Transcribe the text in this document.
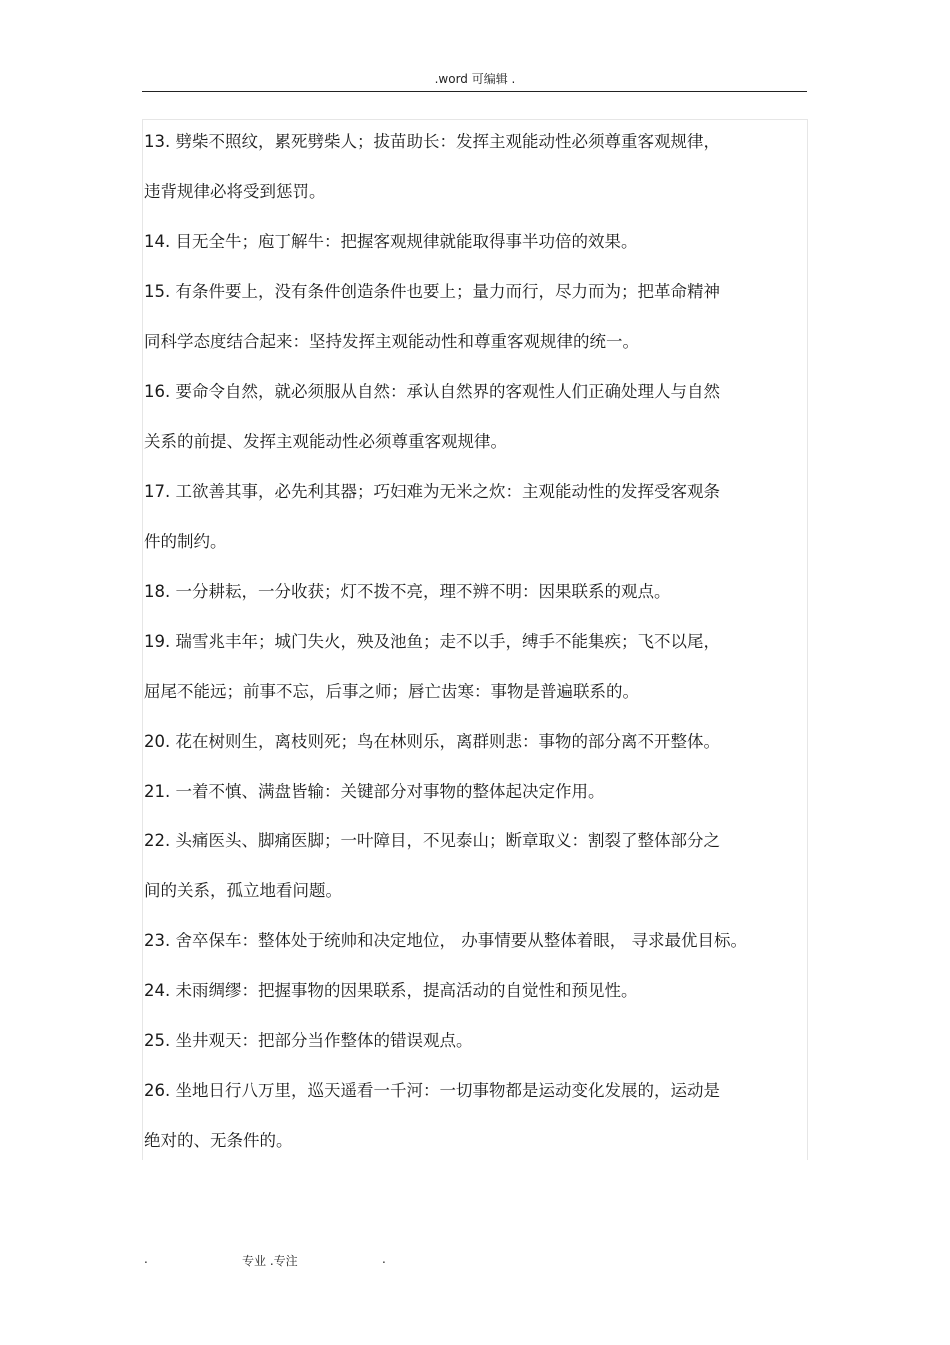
.word 可编辑 .
13. 劈柴不照纹，累死劈柴人；拔苗助长：发挥主观能动性必须尊重客观规律，
违背规律必将受到惩罚。
14. 目无全牛；庖丁解牛：把握客观规律就能取得事半功倍的效果。
15. 有条件要上，没有条件创造条件也要上；量力而行，尽力而为；把革命精神
同科学态度结合起来：坚持发挥主观能动性和尊重客观规律的统一。
16. 要命令自然，就必须服从自然：承认自然界的客观性人们正确处理人与自然
关系的前提、发挥主观能动性必须尊重客观规律。
17. 工欲善其事，必先利其器；巧妇难为无米之炊：主观能动性的发挥受客观条
件的制约。
18. 一分耕耘，一分收获；灯不拨不亮，理不辨不明：因果联系的观点。
19. 瑞雪兆丰年；城门失火，殃及池鱼；走不以手，缚手不能集疾；飞不以尾，
屈尾不能远；前事不忘，后事之师；唇亡齿寒：事物是普遍联系的。
20. 花在树则生，离枝则死；鸟在林则乐，离群则悲：事物的部分离不开整体。
21. 一着不慎、满盘皆输：关键部分对事物的整体起决定作用。
22. 头痛医头、脚痛医脚；一叶障目，不见泰山；断章取义：割裂了整体部分之
间的关系，孤立地看问题。
23. 舍卒保车：整体处于统帅和决定地位， 办事情要从整体着眼， 寻求最优目标。
24. 未雨绸缪：把握事物的因果联系，提高活动的自觉性和预见性。
25. 坐井观天：把部分当作整体的错误观点。
26. 坐地日行八万里，巡天遥看一千河：一切事物都是运动变化发展的，运动是
绝对的、无条件的。
.	专业 .专注	.
